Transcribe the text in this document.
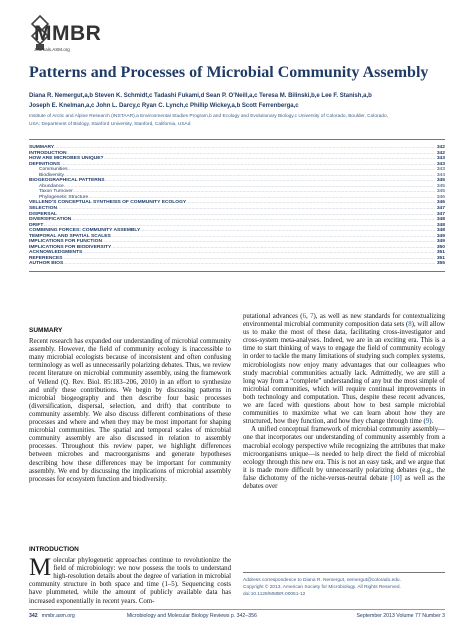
MMBR
Journals.ASM.org
Patterns and Processes of Microbial Community Assembly
Diana R. Nemergut,a,b Steven K. Schmidt,c Tadashi Fukami,d Sean P. O’Neill,a,c Teresa M. Bilinski,b,e Lee F. Stanish,a,b
Joseph E. Knelman,a,c John L. Darcy,c Ryan C. Lynch,c Phillip Wickey,a,b Scott Ferrenberga,c
Institute of Arctic and Alpine Research (INSTAAR),a Environmental Studies Program,b and Ecology and Evolutionary Biology,c University of Colorado, Boulder, Colorado,
USA; Department of Biology, Stanford University, Stanford, California, USAd
SUMMARY .....	342
INTRODUCTION .....	342
HOW ARE MICROBES UNIQUE? .....	343
DEFINITIONS .....	343
Communities .....	343
Biodiversity .....	344
BIOGEOGRAPHICAL PATTERNS .....	345
Abundance .....	345
Taxon Turnover .....	345
Phylogenetic Structure .....	346
VELLEND’S CONCEPTUAL SYNTHESIS OF COMMUNITY ECOLOGY .....	346
SELECTION .....	347
DISPERSAL .....	347
DIVERSIFICATION .....	348
DRIFT .....	348
COMBINING FORCES: COMMUNITY ASSEMBLY .....	348
TEMPORAL AND SPATIAL SCALES .....	349
IMPLICATIONS FOR FUNCTION .....	349
IMPLICATIONS FOR BIODIVERSITY .....	350
ACKNOWLEDGMENTS .....	351
REFERENCES .....	351
AUTHOR BIOS .....	355
SUMMARY

Recent research has expanded our understanding of microbial community assembly. However, the field of community ecology is inaccessible to many microbial ecologists because of inconsistent and often confusing terminology as well as unnecessarily polarizing debates. Thus, we review recent literature on microbial community assembly, using the framework of Vellend (Q. Rev. Biol. 85:183–206, 2010) in an effort to synthesize and unify these contributions. We begin by discussing patterns in microbial biogeography and then describe four basic processes (diversification, dispersal, selection, and drift) that contribute to community assembly. We also discuss different combinations of these processes and where and when they may be most important for shaping microbial communities. The spatial and temporal scales of microbial community assembly are also discussed in relation to assembly processes. Throughout this review paper, we highlight differences between microbes and macroorganisms and generate hypotheses describing how these differences may be important for community assembly. We end by discussing the implications of microbial assembly processes for ecosystem function and biodiversity.

INTRODUCTION

Molecular phylogenetic approaches continue to revolutionize the field of microbiology: we now possess the tools to understand high-resolution details about the degree of variation in microbial community structure in both space and time (1–5). Sequencing costs have plummeted, while the amount of publicly available data has increased exponentially in recent years. Com-

putational advances (6, 7), as well as new standards for contextualizing environmental microbial community composition data sets (8), will allow us to make the most of these data, facilitating cross-investigator and cross-system meta-analyses. Indeed, we are in an exciting era. This is a time to start thinking of ways to engage the field of community ecology in order to tackle the many limitations of studying such complex systems, microbiologists now enjoy many advantages that our colleagues who study macrobial communities actually lack. Admittedly, we are still a long way from a “complete” understanding of any but the most simple of microbial communities, which will require continual improvements in both technology and computation. Thus, despite these recent advances, we are faced with questions about how to best sample microbial communities to maximize what we can learn about how they are structured, how they function, and how they change through time (9).

A unified conceptual framework of microbial community assembly—one that incorporates our understanding of community assembly from a macrobial ecology perspective while recognizing the attributes that make microorganisms unique—is needed to help direct the field of microbial ecology through this new era. This is not an easy task, and we argue that it is made more difficult by unnecessarily polarizing debates (e.g., the false dichotomy of the niche-versus-neutral debate [10] as well as the debates over

Address correspondence to Diana R. Nemergut, nemergut@colorado.edu.
Copyright © 2013, American Society for Microbiology. All Rights Reserved.
doi:10.1128/MMBR.00051-12
342 mmbr.asm.org	Microbiology and Molecular Biology Reviews p. 342–356	September 2013 Volume 77 Number 3
